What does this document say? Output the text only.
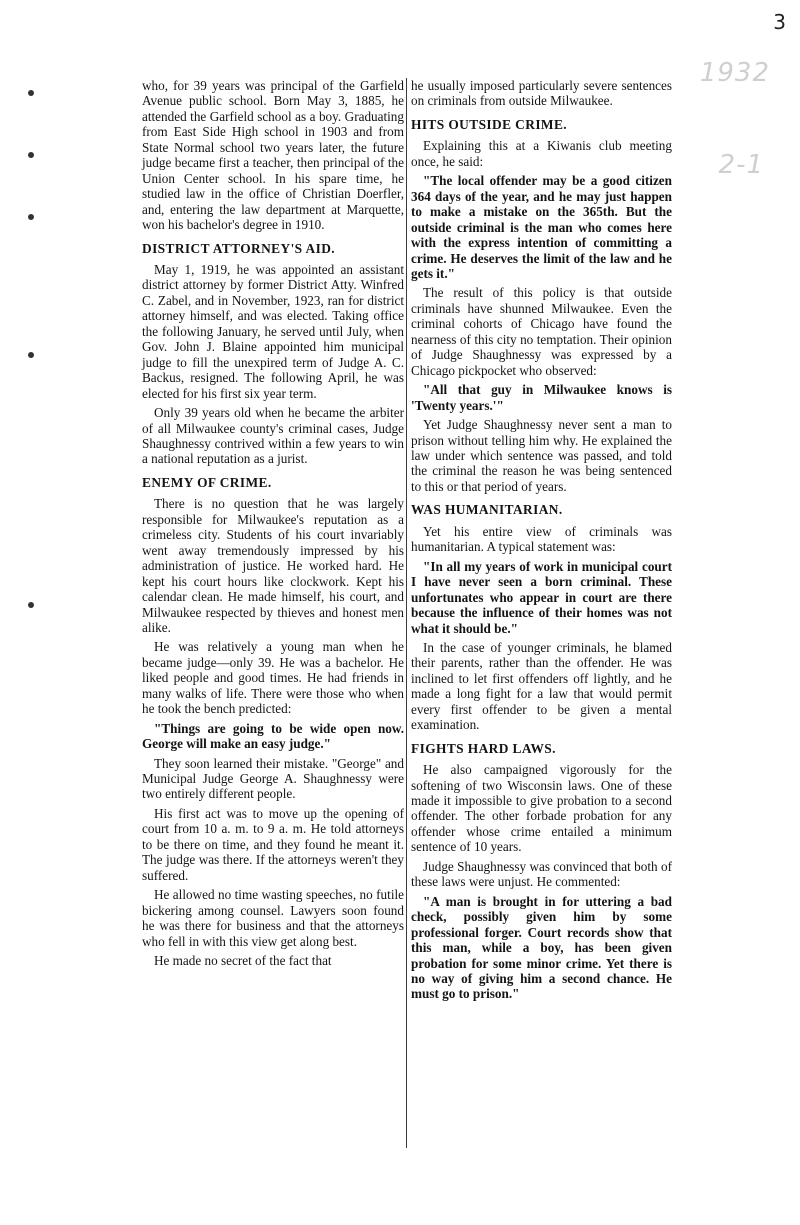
3
1932
2-1

who, for 39 years was principal of the Garfield Avenue public school. Born May 3, 1885, he attended the Garfield school as a boy. Graduating from East Side High school in 1903 and from State Normal school two years later, the future judge became first a teacher, then principal of the Union Center school. In his spare time, he studied law in the office of Christian Doerfler, and, entering the law department at Marquette, won his bachelor's degree in 1910.

DISTRICT ATTORNEY'S AID.

May 1, 1919, he was appointed an assistant district attorney by former District Atty. Winfred C. Zabel, and in November, 1923, ran for district attorney himself, and was elected. Taking office the following January, he served until July, when Gov. John J. Blaine appointed him municipal judge to fill the unexpired term of Judge A. C. Backus, resigned. The following April, he was elected for his first six year term.

Only 39 years old when he became the arbiter of all Milwaukee county's criminal cases, Judge Shaughnessy contrived within a few years to win a national reputation as a jurist.

ENEMY OF CRIME.

There is no question that he was largely responsible for Milwaukee's reputation as a crimeless city. Students of his court invariably went away tremendously impressed by his administration of justice. He worked hard. He kept his court hours like clockwork. Kept his calendar clean. He made himself, his court, and Milwaukee respected by thieves and honest men alike.

He was relatively a young man when he became judge—only 39. He was a bachelor. He liked people and good times. He had friends in many walks of life. There were those who when he took the bench predicted:

"Things are going to be wide open now. George will make an easy judge."

They soon learned their mistake. "George" and Municipal Judge George A. Shaughnessy were two entirely different people.

His first act was to move up the opening of court from 10 a. m. to 9 a. m. He told attorneys to be there on time, and they found he meant it. The judge was there. If the attorneys weren't they suffered.

He allowed no time wasting speeches, no futile bickering among counsel. Lawyers soon found he was there for business and that the attorneys who fell in with this view get along best.

He made no secret of the fact that

he usually imposed particularly severe sentences on criminals from outside Milwaukee.

HITS OUTSIDE CRIME.

Explaining this at a Kiwanis club meeting once, he said:

"The local offender may be a good citizen 364 days of the year, and he may just happen to make a mistake on the 365th. But the outside criminal is the man who comes here with the express intention of committing a crime. He deserves the limit of the law and he gets it."

The result of this policy is that outside criminals have shunned Milwaukee. Even the criminal cohorts of Chicago have found the nearness of this city no temptation. Their opinion of Judge Shaughnessy was expressed by a Chicago pickpocket who observed:

"All that guy in Milwaukee knows is 'Twenty years.'"

Yet Judge Shaughnessy never sent a man to prison without telling him why. He explained the law under which sentence was passed, and told the criminal the reason he was being sentenced to this or that period of years.

WAS HUMANITARIAN.

Yet his entire view of criminals was humanitarian. A typical statement was:

"In all my years of work in municipal court I have never seen a born criminal. These unfortunates who appear in court are there because the influence of their homes was not what it should be."

In the case of younger criminals, he blamed their parents, rather than the offender. He was inclined to let first offenders off lightly, and he made a long fight for a law that would permit every first offender to be given a mental examination.

FIGHTS HARD LAWS.

He also campaigned vigorously for the softening of two Wisconsin laws. One of these made it impossible to give probation to a second offender. The other forbade probation for any offender whose crime entailed a minimum sentence of 10 years.

Judge Shaughnessy was convinced that both of these laws were unjust. He commented:

"A man is brought in for uttering a bad check, possibly given him by some professional forger. Court records show that this man, while a boy, has been given probation for some minor crime. Yet there is no way of giving him a second chance. He must go to prison."
